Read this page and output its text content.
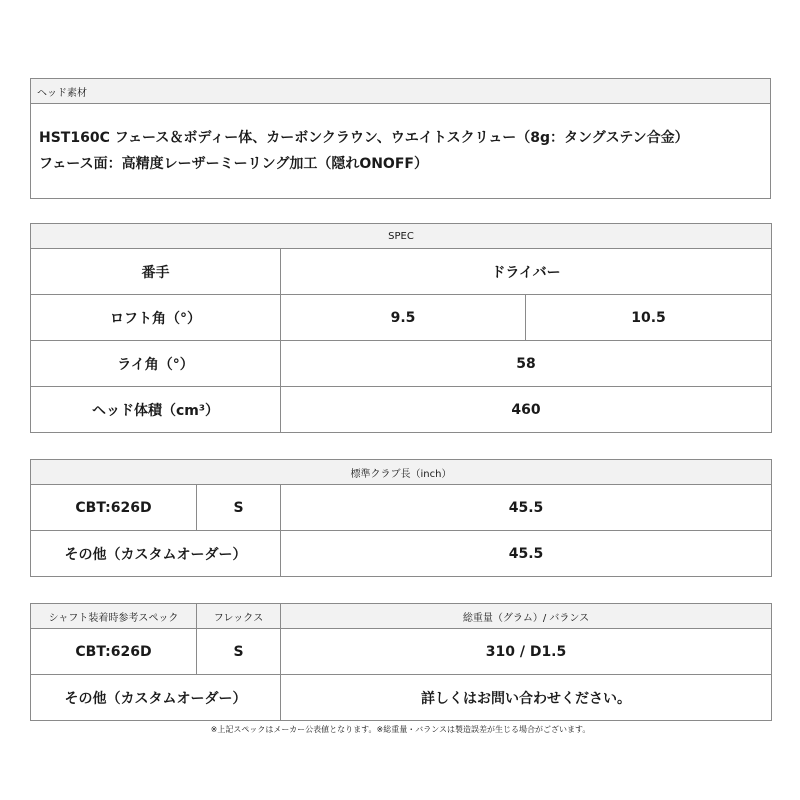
ヘッド素材

HST160C フェース＆ボディー体、カーボンクラウン、ウエイトスクリュー（8g：タングステン合金）
フェース面：高精度レーザーミーリング加工（隠れONOFF）
SPEC		
番手	ドライバー	
ロフト角（°）	9.5	10.5
ライ角（°）	58	
ヘッド体積（cm³）	460	
標準クラブ長（inch）		
CBT:626D	S	45.5
その他（カスタムオーダー）		45.5
シャフト装着時参考スペック	フレックス	総重量（グラム）/ バランス
CBT:626D	S	310 / D1.5
その他（カスタムオーダー）		詳しくはお問い合わせください。
※上記スペックはメーカー公表値となります。※総重量・バランスは製造誤差が生じる場合がございます。
